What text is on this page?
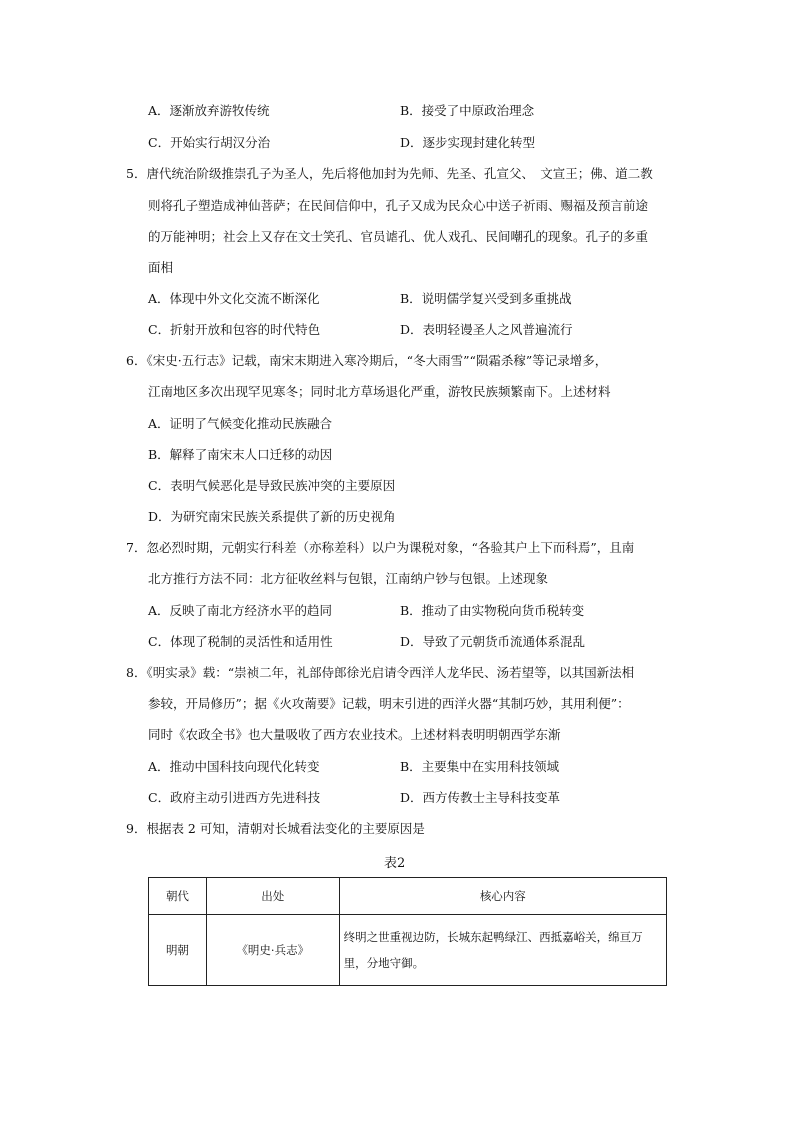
A．逐渐放弃游牧传统	B．接受了中原政治理念
C．开始实行胡汉分治	D．逐步实现封建化转型
5．唐代统治阶级推崇孔子为圣人，先后将他加封为先师、先圣、孔宣父、　文宣王；佛、道二教
则将孔子塑造成神仙菩萨；在民间信仰中，孔子又成为民众心中送子祈雨、赐福及预言前途
的万能神明；社会上又存在文士笑孔、官员谑孔、优人戏孔、民间嘲孔的现象。孔子的多重
面相
A．体现中外文化交流不断深化	B．说明儒学复兴受到多重挑战
C．折射开放和包容的时代特色	D．表明轻谩圣人之风普遍流行
6．《宋史·五行志》记载，南宋末期进入寒冷期后，“冬大雨雪”“陨霜杀稼”等记录增多，
江南地区多次出现罕见寒冬；同时北方草场退化严重，游牧民族频繁南下。上述材料
A．证明了气候变化推动民族融合
B．解释了南宋末人口迁移的动因
C．表明气候恶化是导致民族冲突的主要原因
D．为研究南宋民族关系提供了新的历史视角
7．忽必烈时期，元朝实行科差（亦称差科）以户为课税对象，“各验其户上下而科焉”，且南
北方推行方法不同：北方征收丝料与包银，江南纳户钞与包银。上述现象
A．反映了南北方经济水平的趋同	B．推动了由实物税向货币税转变
C．体现了税制的灵活性和适用性	D．导致了元朝货币流通体系混乱
8．《明实录》载：“崇祯二年，礼部侍郎徐光启请令西洋人龙华民、汤若望等，以其国新法相
参较，开局修历”；据《火攻萳要》记载，明末引进的西洋火器“其制巧妙，其用利便”：
同时《农政全书》也大量吸收了西方农业技术。上述材料表明明朝西学东渐
A．推动中国科技向现代化转变	B．主要集中在实用科技领域
C．政府主动引进西方先进科技	D．西方传教士主导科技变革
9．根据表 2 可知，清朝对长城看法变化的主要原因是
表2
朝代	出处	核心内容
明朝	《明史·兵志》	终明之世重视边防，长城东起鸭绿江、西抵嘉峪关，绵亘万里，分地守御。
